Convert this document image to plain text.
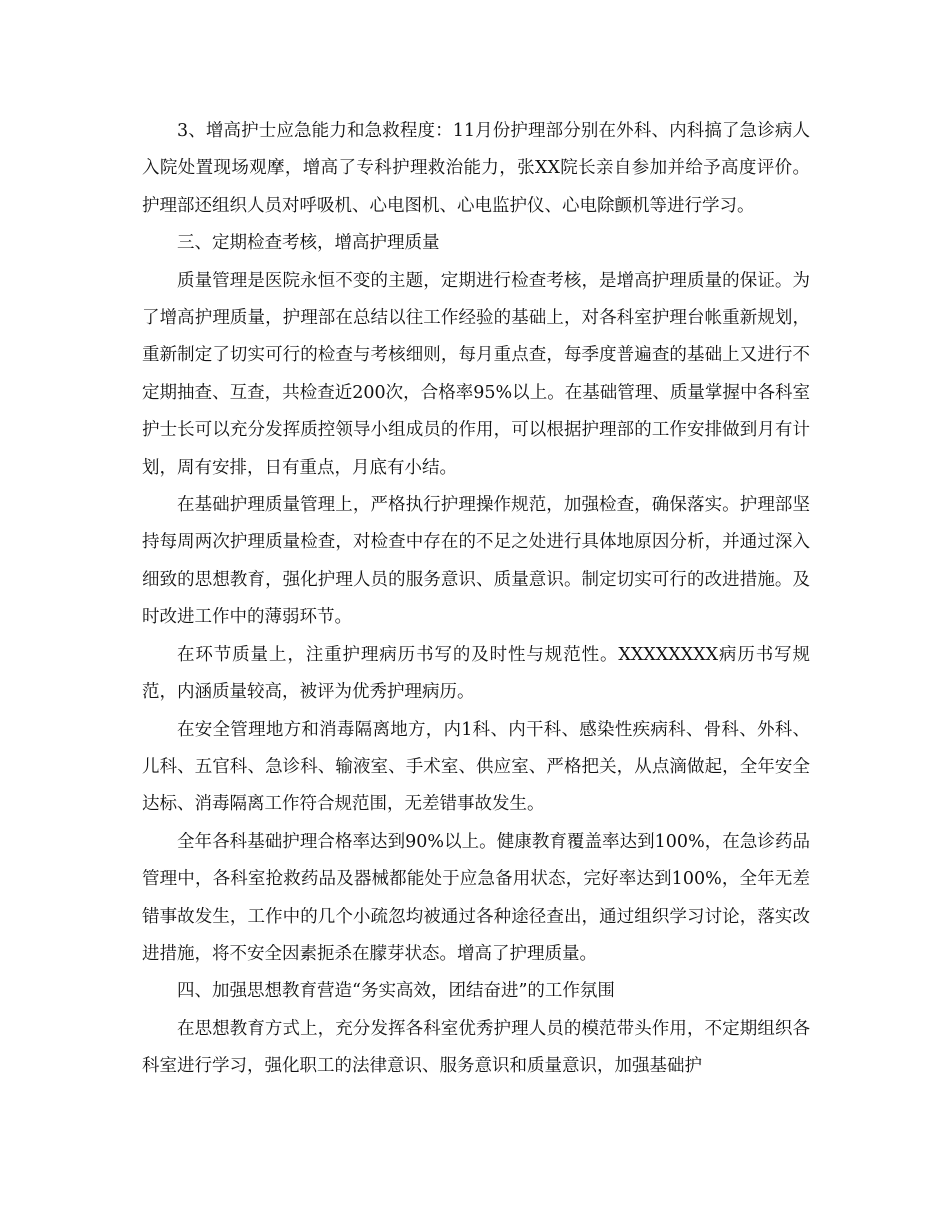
3、增高护士应急能力和急救程度：11月份护理部分别在外科、内科搞了急诊病人入院处置现场观摩，增高了专科护理救治能力，张XX院长亲自参加并给予高度评价。护理部还组织人员对呼吸机、心电图机、心电监护仪、心电除颤机等进行学习。

三、定期检查考核，增高护理质量

质量管理是医院永恒不变的主题，定期进行检查考核，是增高护理质量的保证。为了增高护理质量，护理部在总结以往工作经验的基础上，对各科室护理台帐重新规划，重新制定了切实可行的检查与考核细则，每月重点查，每季度普遍查的基础上又进行不定期抽查、互查，共检查近200次，合格率95%以上。在基础管理、质量掌握中各科室护士长可以充分发挥质控领导小组成员的作用，可以根据护理部的工作安排做到月有计划，周有安排，日有重点，月底有小结。

在基础护理质量管理上，严格执行护理操作规范，加强检查，确保落实。护理部坚持每周两次护理质量检查，对检查中存在的不足之处进行具体地原因分析，并通过深入细致的思想教育，强化护理人员的服务意识、质量意识。制定切实可行的改进措施。及时改进工作中的薄弱环节。

在环节质量上，注重护理病历书写的及时性与规范性。XXXXXXXX病历书写规范，内涵质量较高，被评为优秀护理病历。

在安全管理地方和消毒隔离地方，内1科、内干科、感染性疾病科、骨科、外科、儿科、五官科、急诊科、输液室、手术室、供应室、严格把关，从点滴做起，全年安全达标、消毒隔离工作符合规范围，无差错事故发生。

全年各科基础护理合格率达到90%以上。健康教育覆盖率达到100%，在急诊药品管理中，各科室抢救药品及器械都能处于应急备用状态，完好率达到100%，全年无差错事故发生，工作中的几个小疏忽均被通过各种途径查出，通过组织学习讨论，落实改进措施，将不安全因素扼杀在朦芽状态。增高了护理质量。

四、加强思想教育营造“务实高效，团结奋进”的工作氛围

在思想教育方式上，充分发挥各科室优秀护理人员的模范带头作用，不定期组织各科室进行学习，强化职工的法律意识、服务意识和质量意识，加强基础护
